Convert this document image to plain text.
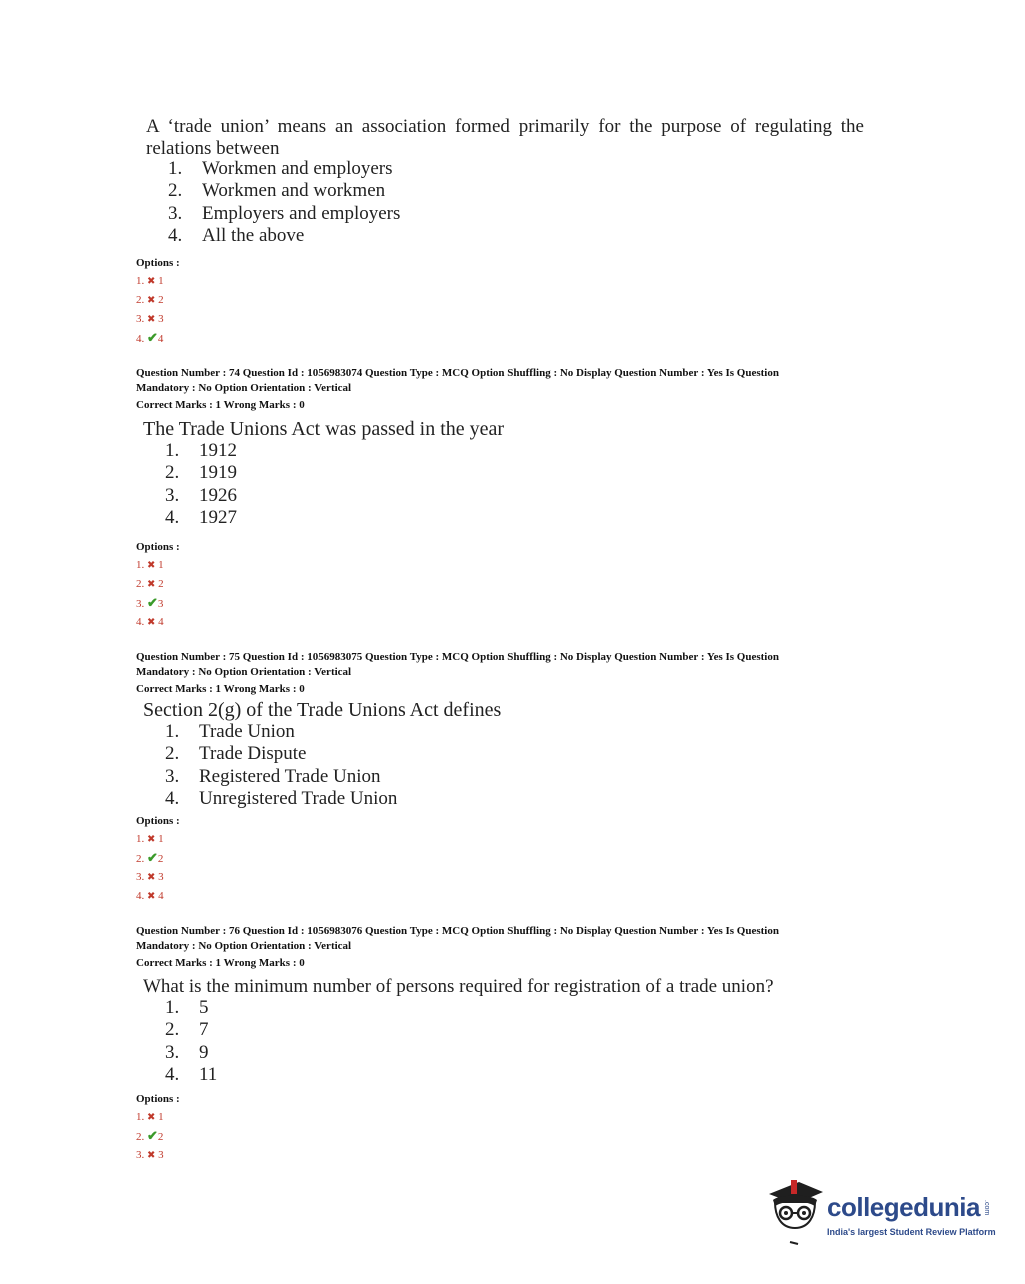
A ‘trade union’ means an association formed primarily for the purpose of regulating the relations between
1. Workmen and employers
2. Workmen and workmen
3. Employers and employers
4. All the above
Options :
1. ✖ 1
2. ✖ 2
3. ✖ 3
4. ✔4
Question Number : 74 Question Id : 1056983074 Question Type : MCQ Option Shuffling : No Display Question Number : Yes Is Question
Mandatory : No Option Orientation : Vertical
Correct Marks : 1 Wrong Marks : 0
The Trade Unions Act was passed in the year
1. 1912
2. 1919
3. 1926
4. 1927
Options :
1. ✖ 1
2. ✖ 2
3. ✔3
4. ✖ 4
Question Number : 75 Question Id : 1056983075 Question Type : MCQ Option Shuffling : No Display Question Number : Yes Is Question
Mandatory : No Option Orientation : Vertical
Correct Marks : 1 Wrong Marks : 0
Section 2(g) of the Trade Unions Act defines
1. Trade Union
2. Trade Dispute
3. Registered Trade Union
4. Unregistered Trade Union
Options :
1. ✖ 1
2. ✔2
3. ✖ 3
4. ✖ 4
Question Number : 76 Question Id : 1056983076 Question Type : MCQ Option Shuffling : No Display Question Number : Yes Is Question
Mandatory : No Option Orientation : Vertical
Correct Marks : 1 Wrong Marks : 0
What is the minimum number of persons required for registration of a trade union?
1. 5
2. 7
3. 9
4. 11
Options :
1. ✖ 1
2. ✔2
3. ✖ 3
collegedunia .com
India's largest Student Review Platform
